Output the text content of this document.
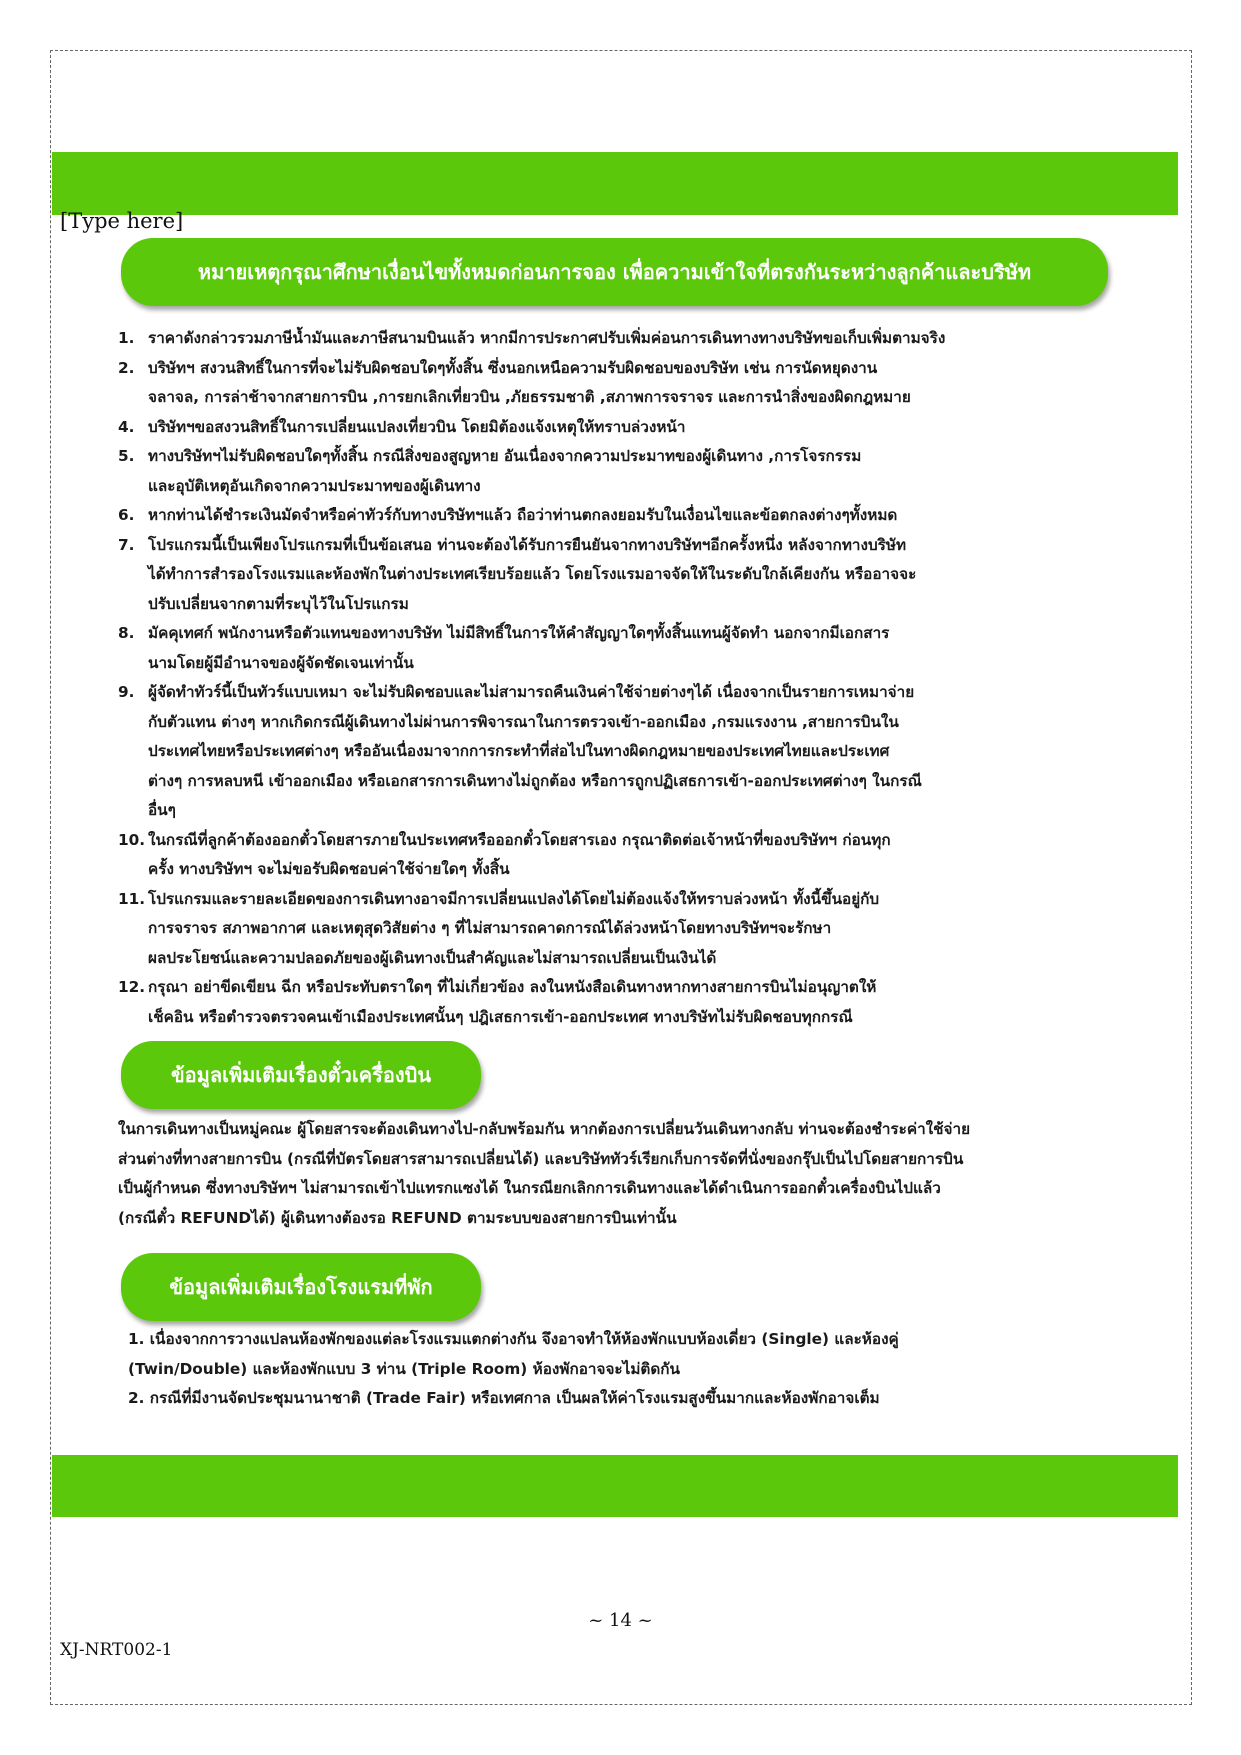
[Type here]
หมายเหตุกรุณาศึกษาเงื่อนไขทั้งหมดก่อนการจอง เพื่อความเข้าใจที่ตรงกันระหว่างลูกค้าและบริษัท
1. ราคาดังกล่าวรวมภาษีน้ำมันและภาษีสนามบินแล้ว หากมีการประกาศปรับเพิ่มค่อนการเดินทางทางบริษัทขอเก็บเพิ่มตามจริง
2. บริษัทฯ สงวนสิทธิ์ในการที่จะไม่รับผิดชอบใดๆทั้งสิ้น ซึ่งนอกเหนือความรับผิดชอบของบริษัท เช่น การนัดหยุดงาน
จลาจล, การล่าช้าจากสายการบิน ,การยกเลิกเที่ยวบิน ,ภัยธรรมชาติ ,สภาพการจราจร และการนำสิ่งของผิดกฎหมาย
4. บริษัทฯขอสงวนสิทธิ์ในการเปลี่ยนแปลงเที่ยวบิน โดยมิต้องแจ้งเหตุให้ทราบล่วงหน้า
5. ทางบริษัทฯไม่รับผิดชอบใดๆทั้งสิ้น กรณีสิ่งของสูญหาย อันเนื่องจากความประมาทของผู้เดินทาง ,การโจรกรรม
และอุบัติเหตุอันเกิดจากความประมาทของผู้เดินทาง
6. หากท่านได้ชำระเงินมัดจำหรือค่าทัวร์กับทางบริษัทฯแล้ว ถือว่าท่านตกลงยอมรับในเงื่อนไขและข้อตกลงต่างๆทั้งหมด
7. โปรแกรมนี้เป็นเพียงโปรแกรมที่เป็นข้อเสนอ ท่านจะต้องได้รับการยืนยันจากทางบริษัทฯอีกครั้งหนึ่ง หลังจากทางบริษัท
ได้ทำการสำรองโรงแรมและห้องพักในต่างประเทศเรียบร้อยแล้ว โดยโรงแรมอาจจัดให้ในระดับใกล้เคียงกัน หรืออาจจะ
ปรับเปลี่ยนจากตามที่ระบุไว้ในโปรแกรม
8. มัคคุเทศก์ พนักงานหรือตัวแทนของทางบริษัท ไม่มีสิทธิ์ในการให้คำสัญญาใดๆทั้งสิ้นแทนผู้จัดทำ นอกจากมีเอกสาร
นามโดยผู้มีอำนาจของผู้จัดชัดเจนเท่านั้น
9. ผู้จัดทำทัวร์นี้เป็นทัวร์แบบเหมา จะไม่รับผิดชอบและไม่สามารถคืนเงินค่าใช้จ่ายต่างๆได้ เนื่องจากเป็นรายการเหมาจ่าย
กับตัวแทน ต่างๆ หากเกิดกรณีผู้เดินทางไม่ผ่านการพิจารณาในการตรวจเข้า-ออกเมือง ,กรมแรงงาน ,สายการบินใน
ประเทศไทยหรือประเทศต่างๆ หรืออันเนื่องมาจากการกระทำที่ส่อไปในทางผิดกฎหมายของประเทศไทยและประเทศ
ต่างๆ การหลบหนี เข้าออกเมือง หรือเอกสารการเดินทางไม่ถูกต้อง หรือการถูกปฏิเสธการเข้า-ออกประเทศต่างๆ ในกรณี
อื่นๆ
10. ในกรณีที่ลูกค้าต้องออกตั๋วโดยสารภายในประเทศหรือออกตั๋วโดยสารเอง กรุณาติดต่อเจ้าหน้าที่ของบริษัทฯ ก่อนทุก
ครั้ง ทางบริษัทฯ จะไม่ขอรับผิดชอบค่าใช้จ่ายใดๆ ทั้งสิ้น
11. โปรแกรมและรายละเอียดของการเดินทางอาจมีการเปลี่ยนแปลงได้โดยไม่ต้องแจ้งให้ทราบล่วงหน้า ทั้งนี้ขึ้นอยู่กับ
การจราจร สภาพอากาศ และเหตุสุดวิสัยต่าง ๆ ที่ไม่สามารถคาดการณ์ได้ล่วงหน้าโดยทางบริษัทฯจะรักษา
ผลประโยชน์และความปลอดภัยของผู้เดินทางเป็นสำคัญและไม่สามารถเปลี่ยนเป็นเงินได้
12. กรุณา อย่าขีดเขียน ฉีก หรือประทับตราใดๆ ที่ไม่เกี่ยวข้อง ลงในหนังสือเดินทางหากทางสายการบินไม่อนุญาตให้
เช็คอิน หรือตำรวจตรวจคนเข้าเมืองประเทศนั้นๆ ปฎิเสธการเข้า-ออกประเทศ ทางบริษัทไม่รับผิดชอบทุกกรณี
ข้อมูลเพิ่มเติมเรื่องตั๋วเครื่องบิน
ในการเดินทางเป็นหมู่คณะ ผู้โดยสารจะต้องเดินทางไป-กลับพร้อมกัน หากต้องการเปลี่ยนวันเดินทางกลับ ท่านจะต้องชำระค่าใช้จ่าย
ส่วนต่างที่ทางสายการบิน (กรณีที่บัตรโดยสารสามารถเปลี่ยนได้) และบริษัททัวร์เรียกเก็บการจัดที่นั่งของกรุ๊ปเป็นไปโดยสายการบิน
เป็นผู้กำหนด ซึ่งทางบริษัทฯ ไม่สามารถเข้าไปแทรกแซงได้ ในกรณียกเลิกการเดินทางและได้ดำเนินการออกตั๋วเครื่องบินไปแล้ว
(กรณีตั๋ว REFUNDได้) ผู้เดินทางต้องรอ REFUND ตามระบบของสายการบินเท่านั้น
ข้อมูลเพิ่มเติมเรื่องโรงแรมที่พัก
1. เนื่องจากการวางแปลนห้องพักของแต่ละโรงแรมแตกต่างกัน จึงอาจทำให้ห้องพักแบบห้องเดี่ยว (Single) และห้องคู่
(Twin/Double) และห้องพักแบบ 3 ท่าน (Triple Room) ห้องพักอาจจะไม่ติดกัน
2. กรณีที่มีงานจัดประชุมนานาชาติ (Trade Fair) หรือเทศกาล เป็นผลให้ค่าโรงแรมสูงขึ้นมากและห้องพักอาจเต็ม
~ 14 ~
XJ-NRT002-1
